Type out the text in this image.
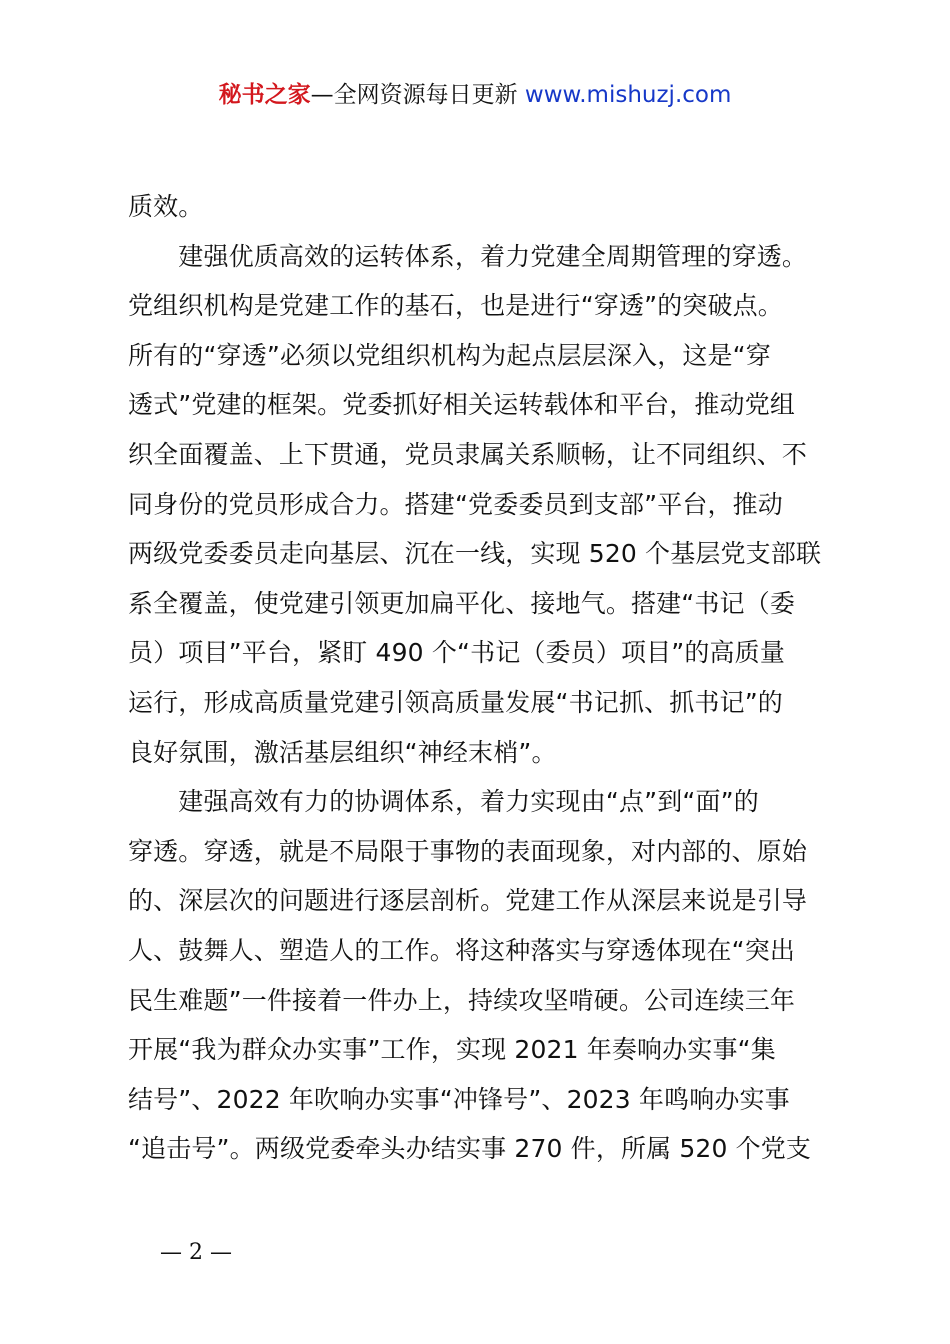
秘书之家—全网资源每日更新 www.mishuzj.com
质效。
　　建强优质高效的运转体系，着力党建全周期管理的穿透。
党组织机构是党建工作的基石，也是进行“穿透”的突破点。
所有的“穿透”必须以党组织机构为起点层层深入，这是“穿
透式”党建的框架。党委抓好相关运转载体和平台，推动党组
织全面覆盖、上下贯通，党员隶属关系顺畅，让不同组织、不
同身份的党员形成合力。搭建“党委委员到支部”平台，推动
两级党委委员走向基层、沉在一线，实现 520 个基层党支部联
系全覆盖，使党建引领更加扁平化、接地气。搭建“书记（委
员）项目”平台，紧盯 490 个“书记（委员）项目”的高质量
运行，形成高质量党建引领高质量发展“书记抓、抓书记”的
良好氛围，激活基层组织“神经末梢”。
　　建强高效有力的协调体系，着力实现由“点”到“面”的
穿透。穿透，就是不局限于事物的表面现象，对内部的、原始
的、深层次的问题进行逐层剖析。党建工作从深层来说是引导
人、鼓舞人、塑造人的工作。将这种落实与穿透体现在“突出
民生难题”一件接着一件办上，持续攻坚啃硬。公司连续三年
开展“我为群众办实事”工作，实现 2021 年奏响办实事“集
结号”、2022 年吹响办实事“冲锋号”、2023 年鸣响办实事
“追击号”。两级党委牵头办结实事 270 件，所属 520 个党支
— 2 —
